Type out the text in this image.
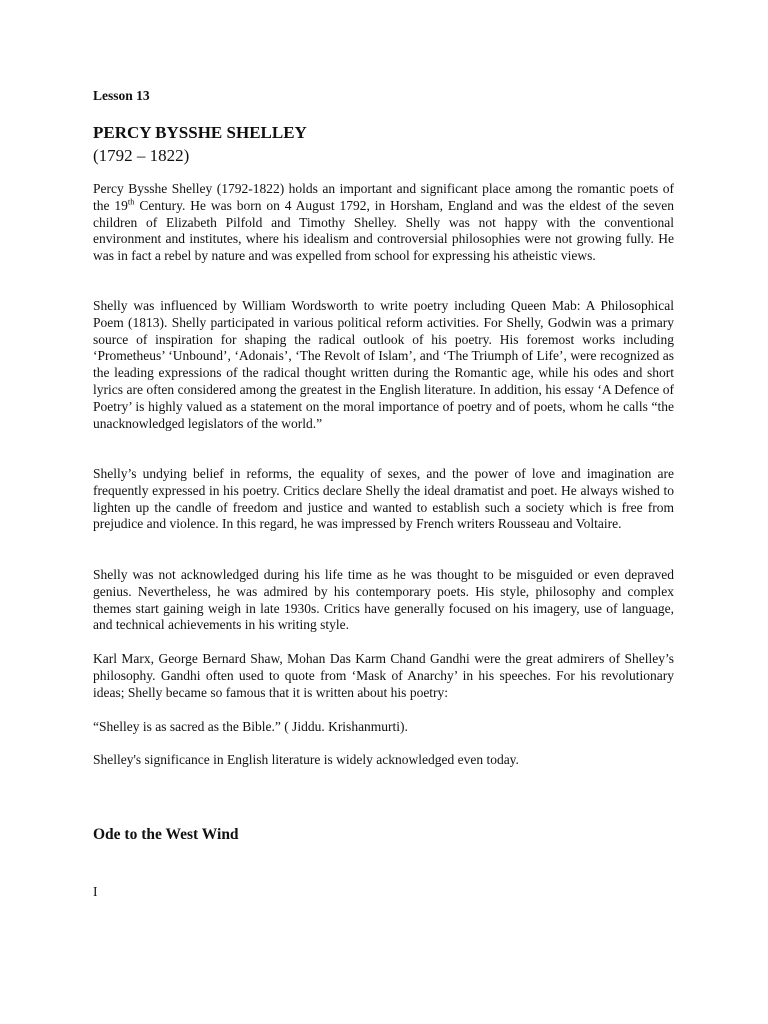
Lesson 13

PERCY BYSSHE SHELLEY

(1792 – 1822)

Percy Bysshe Shelley (1792-1822) holds an important and significant place among the romantic poets of the 19th Century. He was born on 4 August 1792, in Horsham, England and was the eldest of the seven children of Elizabeth Pilfold and Timothy Shelley. Shelly was not happy with the conventional environment and institutes, where his idealism and controversial philosophies were not growing fully. He was in fact a rebel by nature and was expelled from school for expressing his atheistic views.

Shelly was influenced by William Wordsworth to write poetry including Queen Mab: A Philosophical Poem (1813). Shelly participated in various political reform activities. For Shelly, Godwin was a primary source of inspiration for shaping the radical outlook of his poetry. His foremost works including ‘Prometheus’ ‘Unbound’, ‘Adonais’, ‘The Revolt of Islam’, and ‘The Triumph of Life’, were recognized as the leading expressions of the radical thought written during the Romantic age, while his odes and short lyrics are often considered among the greatest in the English literature. In addition, his essay ‘A Defence of Poetry’ is highly valued as a statement on the moral importance of poetry and of poets, whom he calls “the unacknowledged legislators of the world.”

Shelly’s undying belief in reforms, the equality of sexes, and the power of love and imagination are frequently expressed in his poetry. Critics declare Shelly the ideal dramatist and poet. He always wished to lighten up the candle of freedom and justice and wanted to establish such a society which is free from prejudice and violence. In this regard, he was impressed by French writers Rousseau and Voltaire.

Shelly was not acknowledged during his life time as he was thought to be misguided or even depraved genius. Nevertheless, he was admired by his contemporary poets. His style, philosophy and complex themes start gaining weigh in late 1930s. Critics have generally focused on his imagery, use of language, and technical achievements in his writing style.

Karl Marx, George Bernard Shaw, Mohan Das Karm Chand Gandhi were the great admirers of Shelley’s philosophy. Gandhi often used to quote from ‘Mask of Anarchy’ in his speeches. For his revolutionary ideas; Shelly became so famous that it is written about his poetry:

“Shelley is as sacred as the Bible.” ( Jiddu. Krishanmurti).

Shelley's significance in English literature is widely acknowledged even today.

Ode to the West Wind

I
